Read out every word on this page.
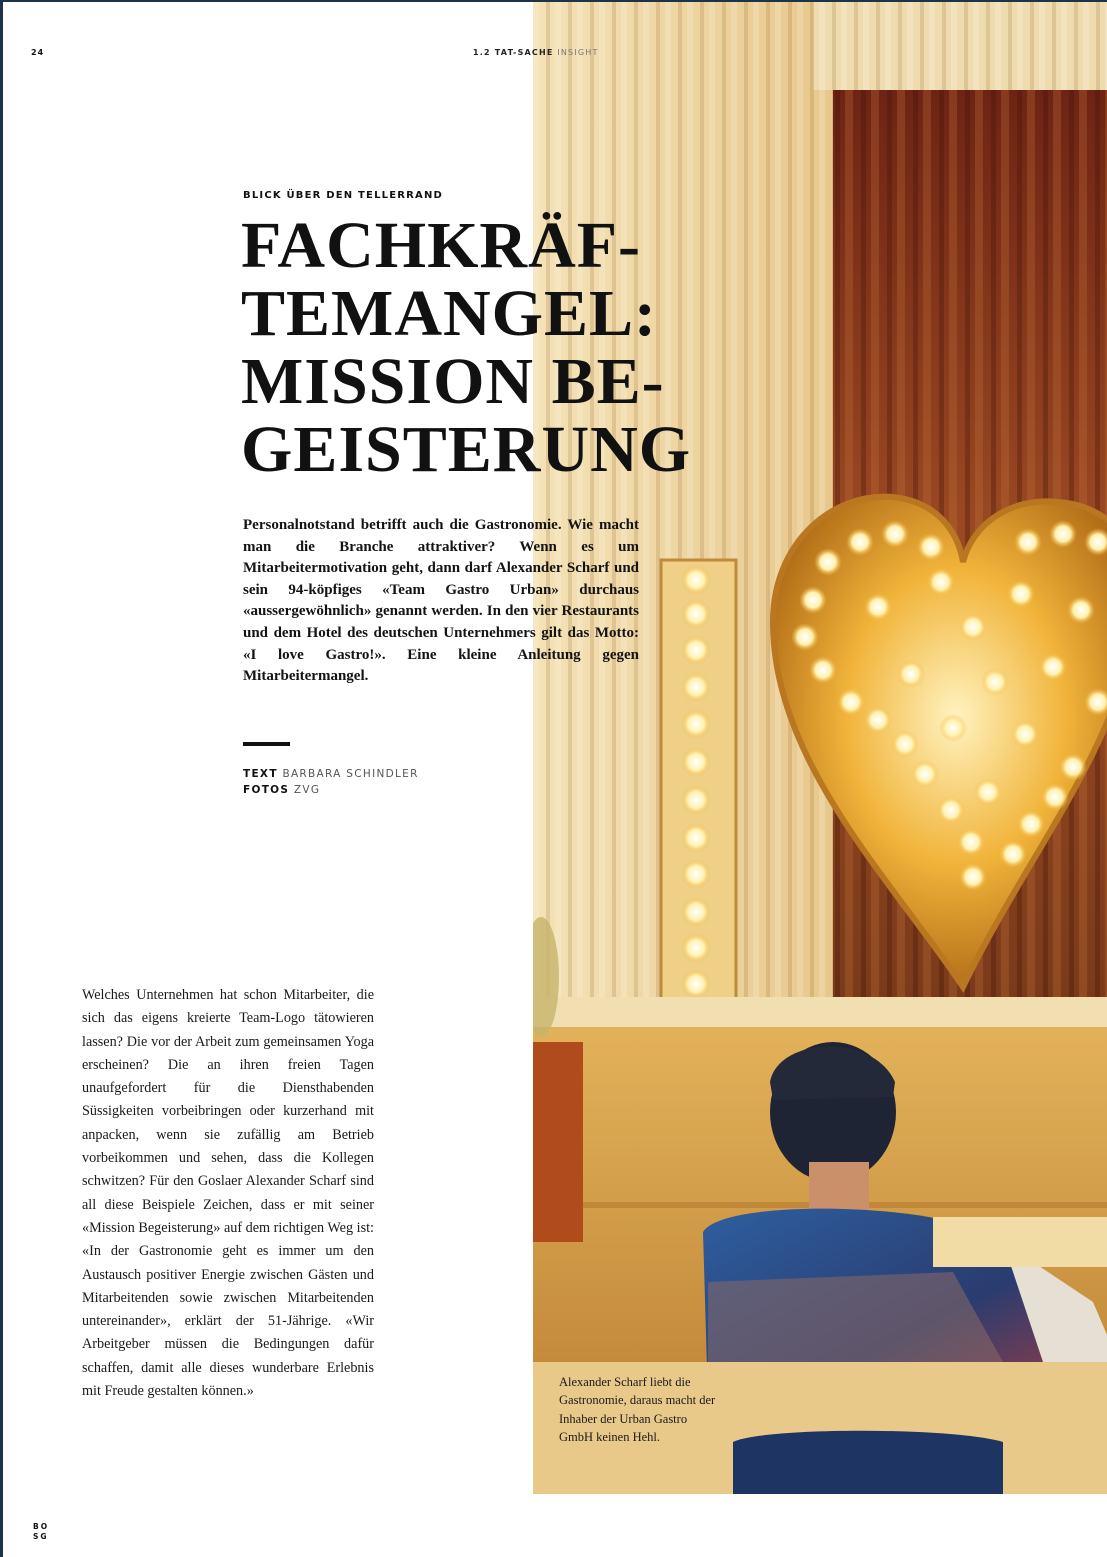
24	1.2 TAT-SACHE INSIGHT
BLICK ÜBER DEN TELLERRAND
FACHKRÄF-
TEMANGEL:
MISSION BE-
GEISTERUNG

Personalnotstand betrifft auch die Gastronomie. Wie macht man die Branche attraktiver? Wenn es um Mitarbeitermotivation geht, dann darf Alexander Scharf und sein 94-köpfiges «Team Gastro Urban» durchaus «aussergewöhnlich» genannt werden. In den vier Restaurants und dem Hotel des deutschen Unternehmers gilt das Motto: «I love Gastro!». Eine kleine Anleitung gegen Mitarbeitermangel.

TEXT BARBARA SCHINDLER
FOTOS ZVG

Welches Unternehmen hat schon Mitarbeiter, die sich das eigens kreierte Team-Logo tätowieren lassen? Die vor der Arbeit zum gemeinsamen Yoga erscheinen? Die an ihren freien Tagen unaufgefordert für die Diensthabenden Süssigkeiten vorbeibringen oder kurzerhand mit anpacken, wenn sie zufällig am Betrieb vorbeikommen und sehen, dass die Kollegen schwitzen? Für den Goslaer Alexander Scharf sind all diese Beispiele Zeichen, dass er mit seiner «Mission Begeisterung» auf dem richtigen Weg ist: «In der Gastronomie geht es immer um den Austausch positiver Energie zwischen Gästen und Mitarbeitenden sowie zwischen Mitarbeitenden untereinander», erklärt der 51-Jährige. «Wir Arbeitgeber müssen die Bedingungen dafür schaffen, damit alle dieses wunderbare Erlebnis mit Freude gestalten können.»

Alexander Scharf liebt die Gastronomie, daraus macht der Inhaber der Urban Gastro GmbH keinen Hehl.

BO
SG
